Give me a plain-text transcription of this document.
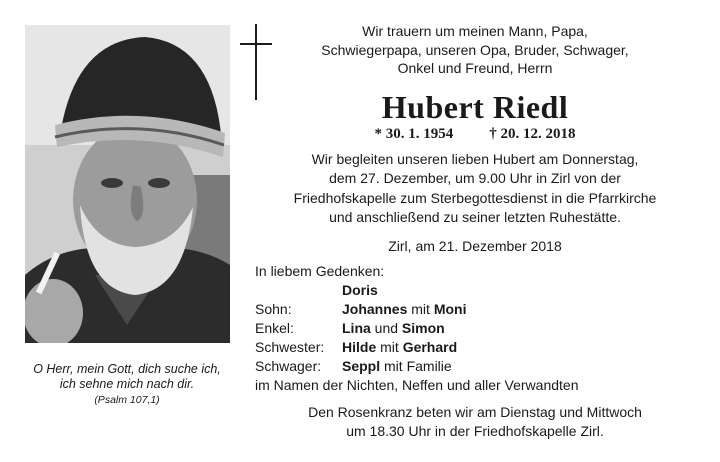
O Herr, mein Gott, dich suche ich,
ich sehne mich nach dir.
(Psalm 107,1)
Wir trauern um meinen Mann, Papa,
Schwiegerpapa, unseren Opa, Bruder, Schwager,
Onkel und Freund, Herrn
Hubert Riedl
* 30. 1. 1954 † 20. 12. 2018
Wir begleiten unseren lieben Hubert am Donnerstag,
dem 27. Dezember, um 9.00 Uhr in Zirl von der
Friedhofskapelle zum Sterbegottesdienst in die Pfarrkirche
und anschließend zu seiner letzten Ruhestätte.
Zirl, am 21. Dezember 2018
In liebem Gedenken:
Doris
Sohn:	Johannes mit Moni
Enkel:	Lina und Simon
Schwester:	Hilde mit Gerhard
Schwager:	Seppl mit Familie
im Namen der Nichten, Neffen und aller Verwandten
Den Rosenkranz beten wir am Dienstag und Mittwoch
um 18.30 Uhr in der Friedhofskapelle Zirl.
